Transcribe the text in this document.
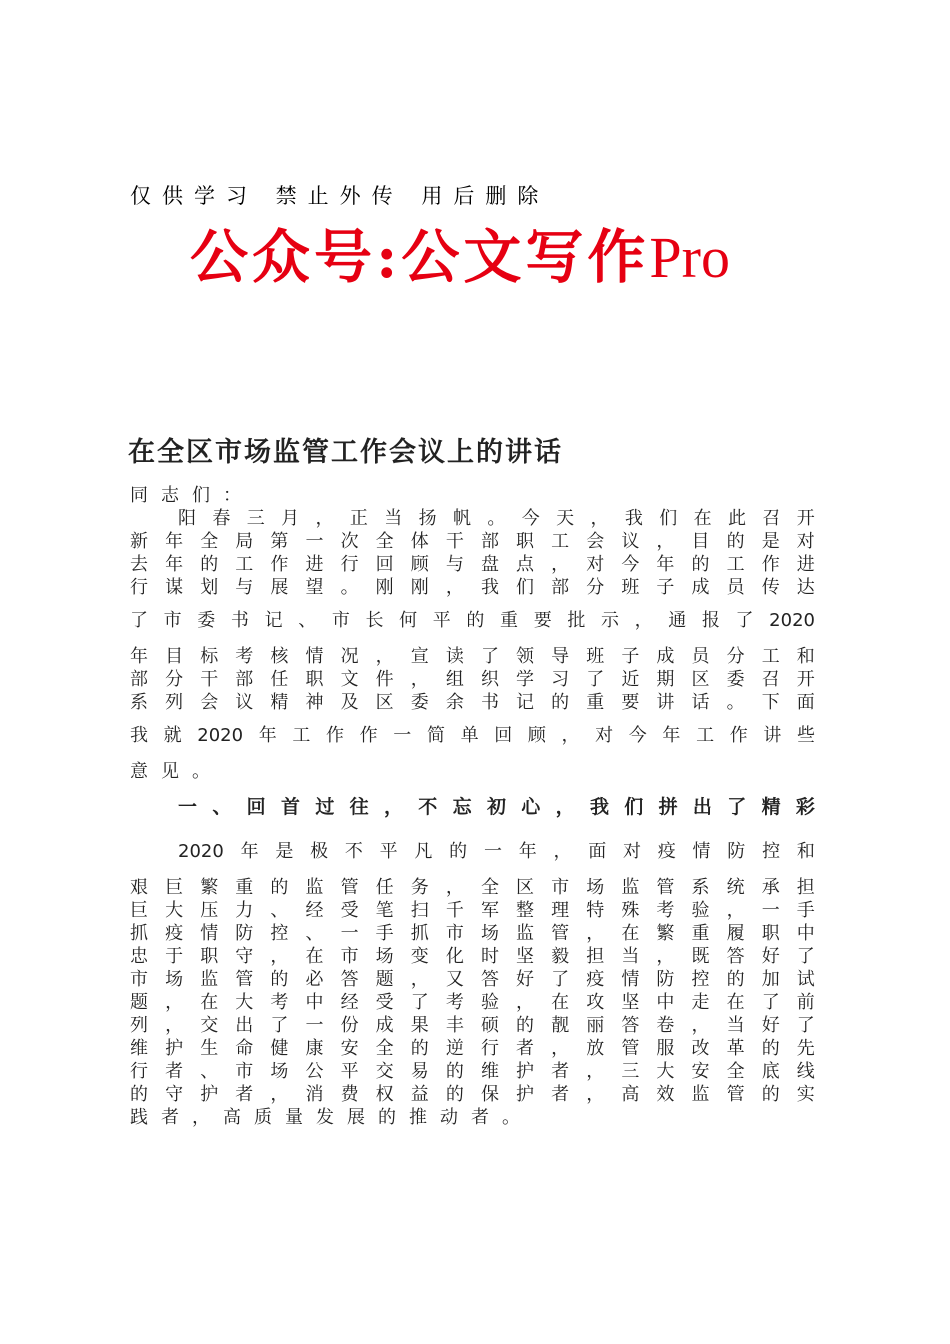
仅供学习 禁止外传 用后删除
公众号:公文写作Pro
在全区市场监管工作会议上的讲话
同 志 们 ：
阳 春 三 月 ， 正 当 扬 帆 。 今 天 ， 我 们 在 此 召 开
新 年 全 局 第 一 次 全 体 干 部 职 工 会 议 ， 目 的 是 对
去 年 的 工 作 进 行 回 顾 与 盘 点 ， 对 今 年 的 工 作 进
行 谋 划 与 展 望 。 刚 刚 ， 我 们 部 分 班 子 成 员 传 达
了 市 委 书 记 、 市 长 何 平 的 重 要 批 示 ， 通 报 了 2020
年 目 标 考 核 情 况 ， 宣 读 了 领 导 班 子 成 员 分 工 和
部 分 干 部 任 职 文 件 ， 组 织 学 习 了 近 期 区 委 召 开
系 列 会 议 精 神 及 区 委 余 书 记 的 重 要 讲 话 。 下 面
我 就 2020 年 工 作 作 一 简 单 回 顾 ， 对 今 年 工 作 讲 些
意 见 。
一 、 回 首 过 往 ， 不 忘 初 心 ， 我 们 拼 出 了 精 彩
2020 年 是 极 不 平 凡 的 一 年 ， 面 对 疫 情 防 控 和
艰 巨 繁 重 的 监 管 任 务 ， 全 区 市 场 监 管 系 统 承 担
巨 大 压 力 、 经 受 笔 扫 千 军 整 理 特 殊 考 验 ， 一 手
抓 疫 情 防 控 、 一 手 抓 市 场 监 管 ， 在 繁 重 履 职 中
忠 于 职 守 ， 在 市 场 变 化 时 坚 毅 担 当 ， 既 答 好 了
市 场 监 管 的 必 答 题 ， 又 答 好 了 疫 情 防 控 的 加 试
题 ， 在 大 考 中 经 受 了 考 验 ， 在 攻 坚 中 走 在 了 前
列 ， 交 出 了 一 份 成 果 丰 硕 的 靓 丽 答 卷 ， 当 好 了
维 护 生 命 健 康 安 全 的 逆 行 者 ， 放 管 服 改 革 的 先
行 者 、 市 场 公 平 交 易 的 维 护 者 ， 三 大 安 全 底 线
的 守 护 者 ， 消 费 权 益 的 保 护 者 ， 高 效 监 管 的 实
践 者 ， 高 质 量 发 展 的 推 动 者 。
